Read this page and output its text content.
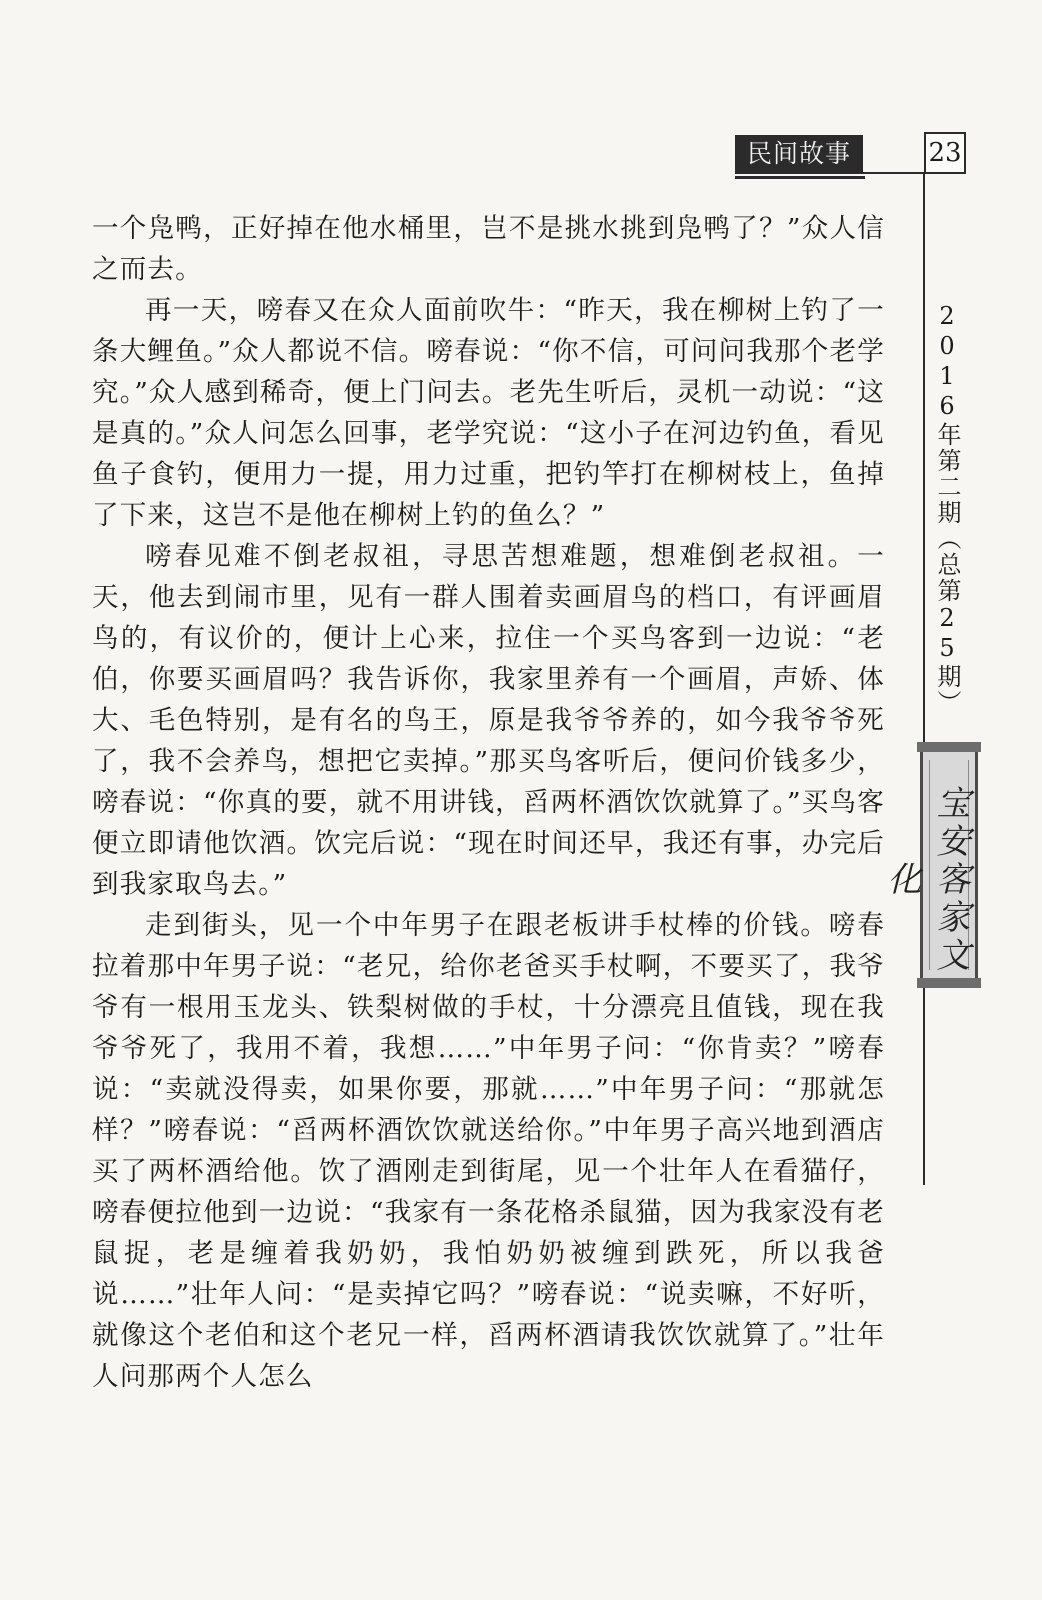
民间故事	23
2016年第二期（总第25期）
宝安客家文化

一个凫鸭，正好掉在他水桶里，岂不是挑水挑到凫鸭了？”众人信之而去。

再一天，嗙春又在众人面前吹牛：“昨天，我在柳树上钓了一条大鲤鱼。”众人都说不信。嗙春说：“你不信，可问问我那个老学究。”众人感到稀奇，便上门问去。老先生听后，灵机一动说：“这是真的。”众人问怎么回事，老学究说：“这小子在河边钓鱼，看见鱼子食钓，便用力一提，用力过重，把钓竿打在柳树枝上，鱼掉了下来，这岂不是他在柳树上钓的鱼么？”

嗙春见难不倒老叔祖，寻思苦想难题，想难倒老叔祖。一天，他去到闹市里，见有一群人围着卖画眉鸟的档口，有评画眉鸟的，有议价的，便计上心来，拉住一个买鸟客到一边说：“老伯，你要买画眉吗？我告诉你，我家里养有一个画眉，声娇、体大、毛色特别，是有名的鸟王，原是我爷爷养的，如今我爷爷死了，我不会养鸟，想把它卖掉。”那买鸟客听后，便问价钱多少，嗙春说：“你真的要，就不用讲钱，舀两杯酒饮饮就算了。”买鸟客便立即请他饮酒。饮完后说：“现在时间还早，我还有事，办完后到我家取鸟去。”

走到街头，见一个中年男子在跟老板讲手杖棒的价钱。嗙春拉着那中年男子说：“老兄，给你老爸买手杖啊，不要买了，我爷爷有一根用玉龙头、铁梨树做的手杖，十分漂亮且值钱，现在我爷爷死了，我用不着，我想……”中年男子问：“你肯卖？”嗙春说：“卖就没得卖，如果你要，那就……”中年男子问：“那就怎样？”嗙春说：“舀两杯酒饮饮就送给你。”中年男子高兴地到酒店买了两杯酒给他。饮了酒刚走到街尾，见一个壮年人在看猫仔，嗙春便拉他到一边说：“我家有一条花格杀鼠猫，因为我家没有老鼠捉，老是缠着我奶奶，我怕奶奶被缠到跌死，所以我爸说……”壮年人问：“是卖掉它吗？”嗙春说：“说卖嘛，不好听，就像这个老伯和这个老兄一样，舀两杯酒请我饮饮就算了。”壮年人问那两个人怎么
